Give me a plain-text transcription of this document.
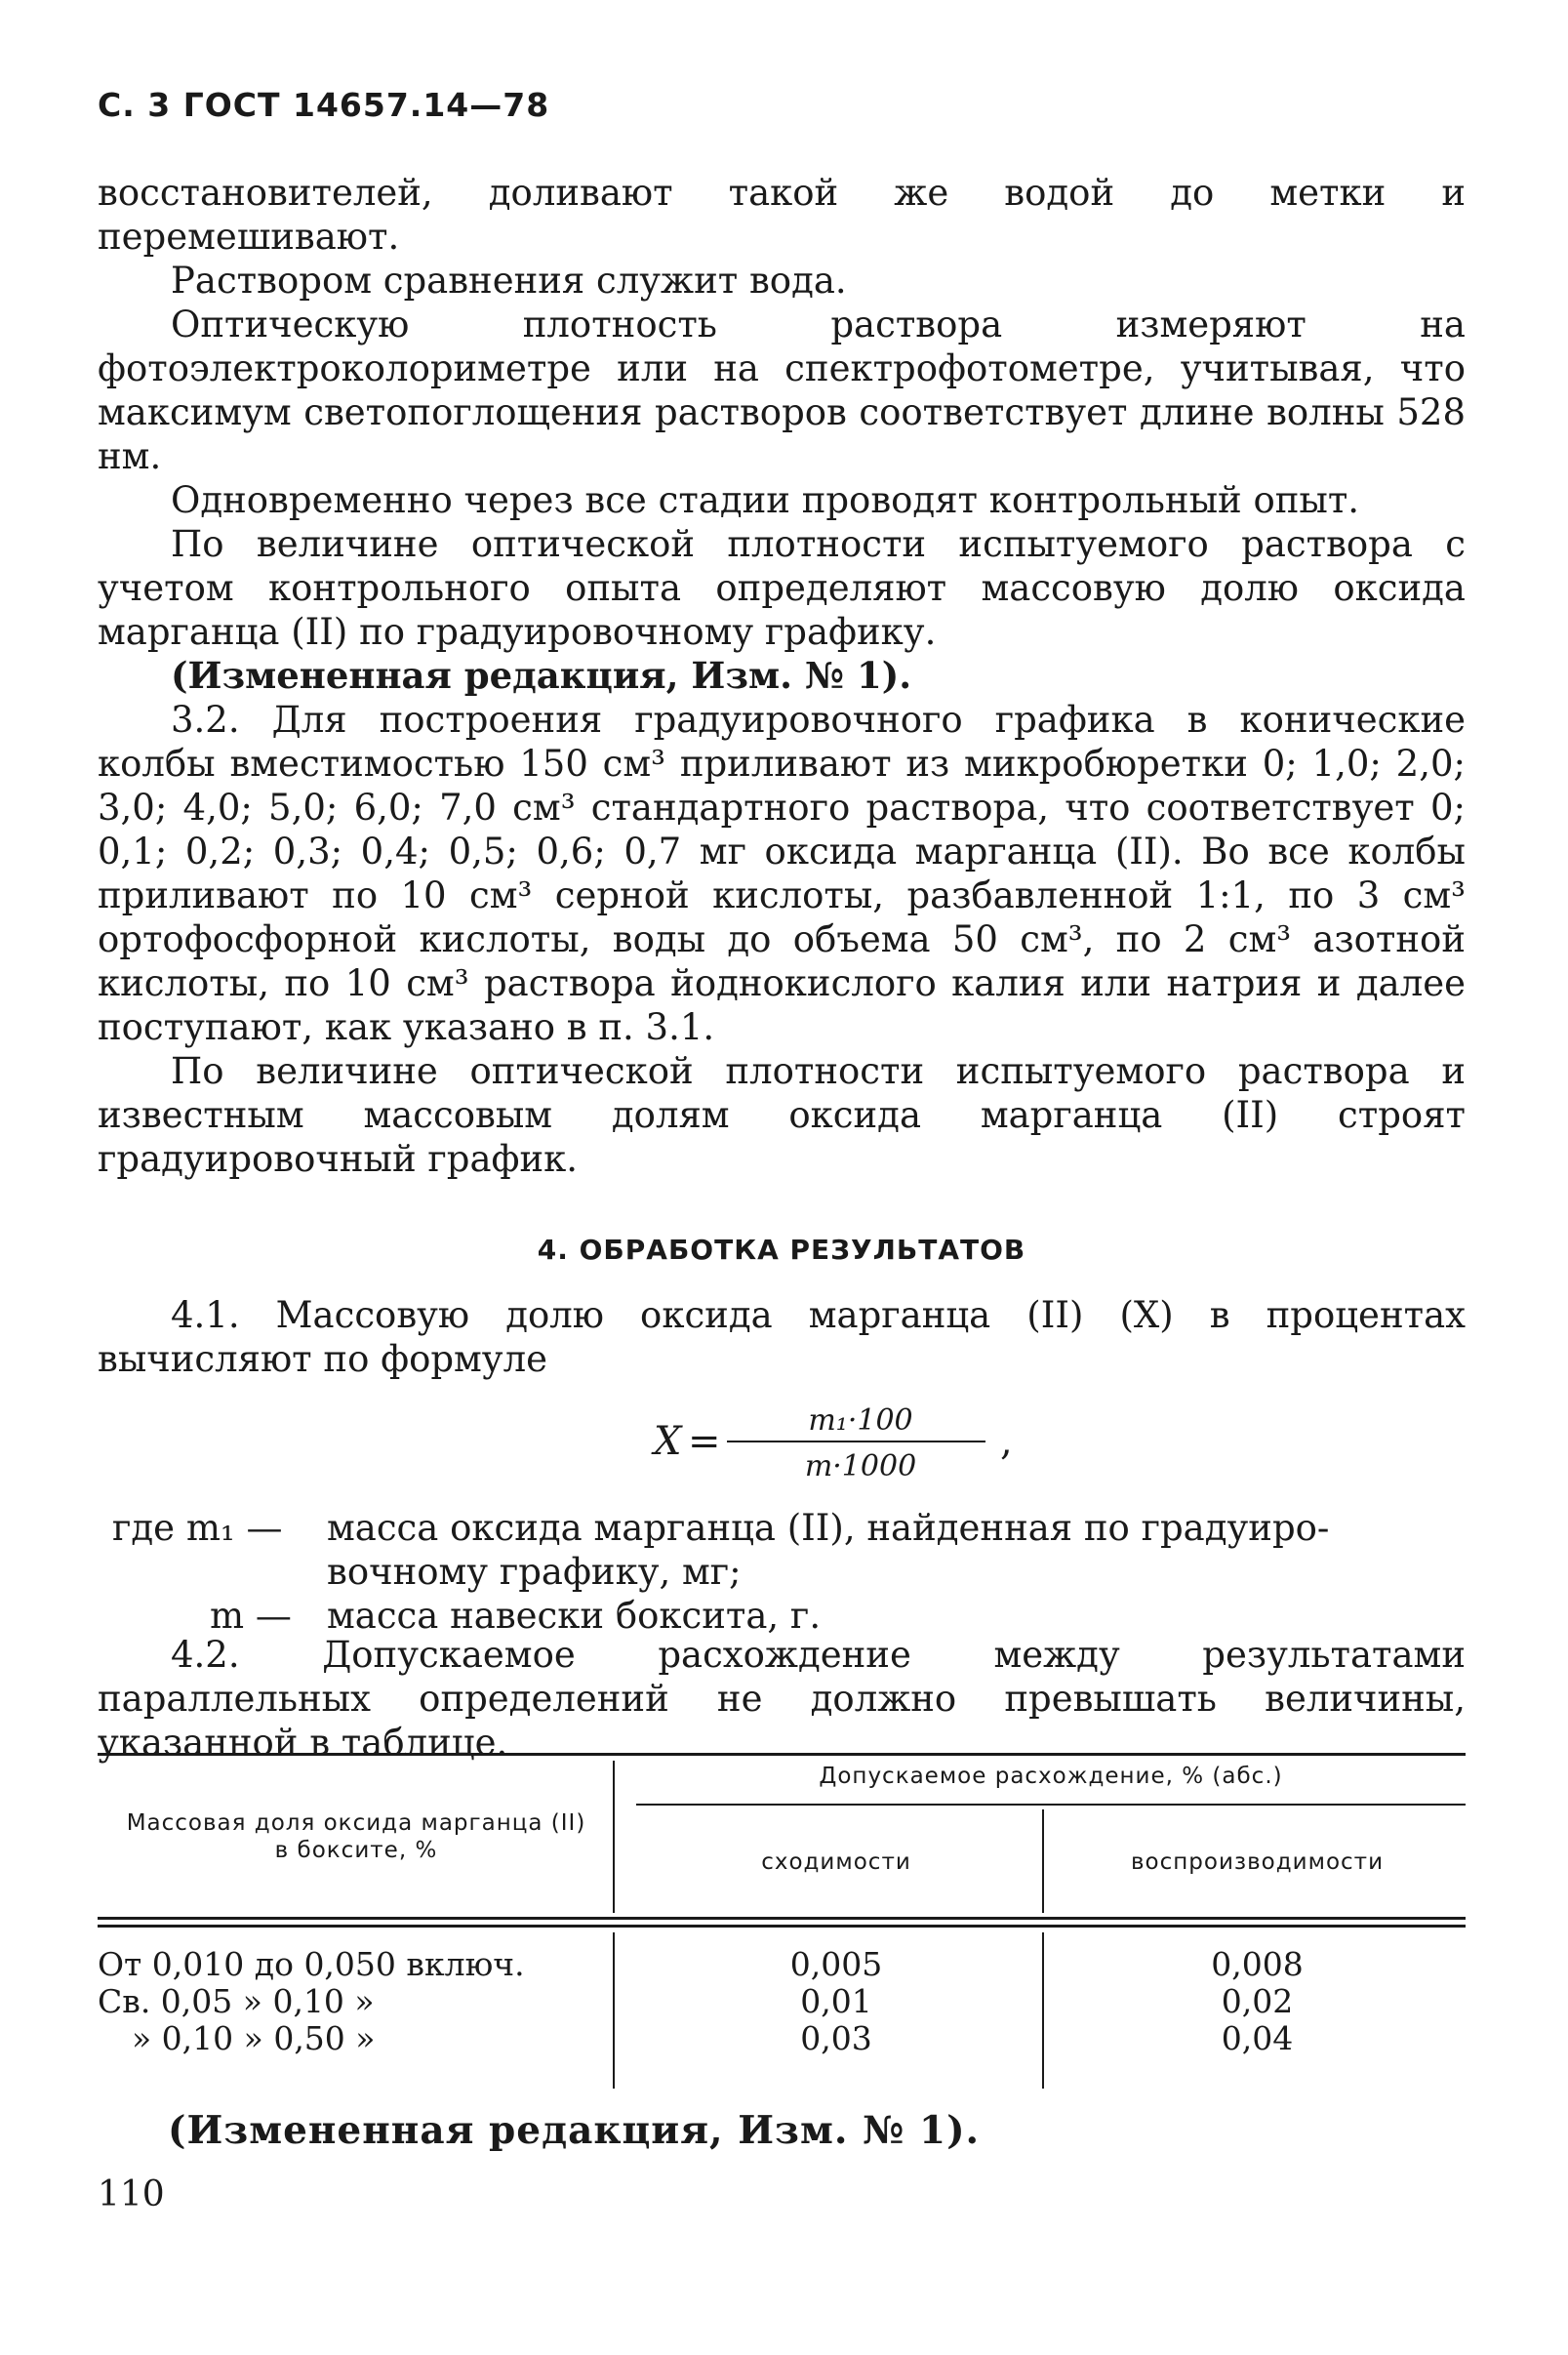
С. 3 ГОСТ 14657.14—78

восстановителей, доливают такой же водой до метки и перемешивают.

Раствором сравнения служит вода.

Оптическую плотность раствора измеряют на фотоэлектроколориметре или на спектрофотометре, учитывая, что максимум светопоглощения растворов соответствует длине волны 528 нм.

Одновременно через все стадии проводят контрольный опыт.

По величине оптической плотности испытуемого раствора с учетом контрольного опыта определяют массовую долю оксида марганца (II) по градуировочному графику.

(Измененная редакция, Изм. № 1).

3.2. Для построения градуировочного графика в конические колбы вместимостью 150 см³ приливают из микробюретки 0; 1,0; 2,0; 3,0; 4,0; 5,0; 6,0; 7,0 см³ стандартного раствора, что соответствует 0; 0,1; 0,2; 0,3; 0,4; 0,5; 0,6; 0,7 мг оксида марганца (II). Во все колбы приливают по 10 см³ серной кислоты, разбавленной 1:1, по 3 см³ ортофосфорной кислоты, воды до объема 50 см³, по 2 см³ азотной кислоты, по 10 см³ раствора йоднокислого калия или натрия и далее поступают, как указано в п. 3.1.

По величине оптической плотности испытуемого раствора и известным массовым долям оксида марганца (II) строят градуировочный график.

4. ОБРАБОТКА РЕЗУЛЬТАТОВ

4.1. Массовую долю оксида марганца (II) (X) в процентах вычисляют по формуле

X =	m₁·100
m·1000
,
где m₁ — масса оксида марганца (II), найденная по градуиро-
вочному графику, мг;
m — масса навески боксита, г.

4.2. Допускаемое расхождение между результатами параллельных определений не должно превышать величины, указанной в таблице.

Массовая доля оксида марганца (II) в боксите, %
Допускаемое расхождение, % (абс.)
сходимости	воспроизводимости
От 0,010 до 0,050 включ.	0,005	0,008
Св. 0,05 » 0,10 »	0,01	0,02
» 0,10 » 0,50 »	0,03	0,04
(Измененная редакция, Изм. № 1).
110
